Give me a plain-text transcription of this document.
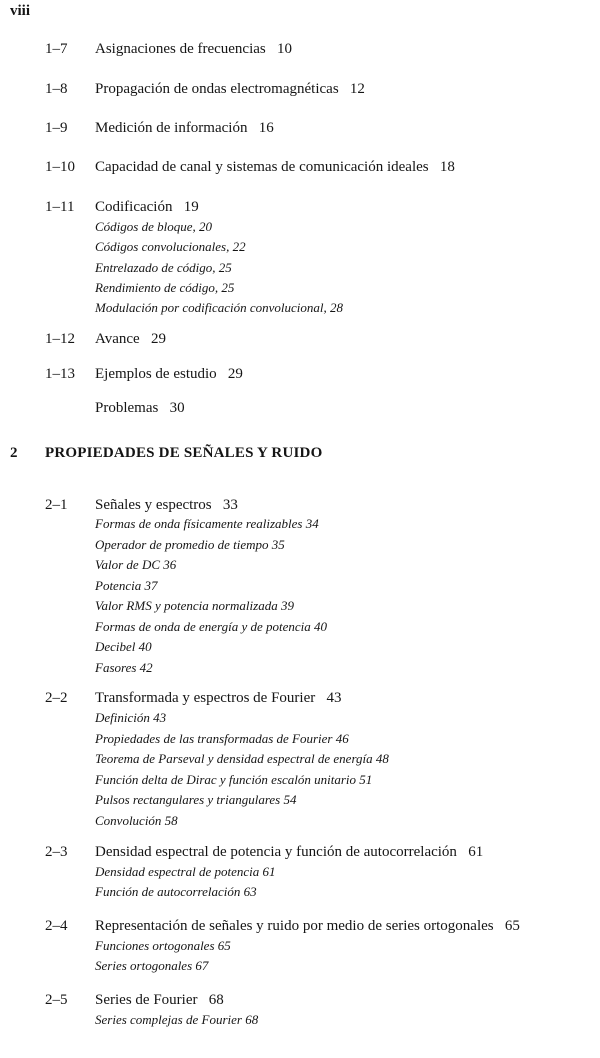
viii
1–7 Asignaciones de frecuencias 10
1–8 Propagación de ondas electromagnéticas 12
1–9 Medición de información 16
1–10 Capacidad de canal y sistemas de comunicación ideales 18
1–11 Codificación 19
Códigos de bloque, 20
Códigos convolucionales, 22
Entrelazado de código, 25
Rendimiento de código, 25
Modulación por codificación convolucional, 28
1–12 Avance 29
1–13 Ejemplos de estudio 29
Problemas 30
2 PROPIEDADES DE SEÑALES Y RUIDO
2–1 Señales y espectros 33
Formas de onda físicamente realizables 34
Operador de promedio de tiempo 35
Valor de DC 36
Potencia 37
Valor RMS y potencia normalizada 39
Formas de onda de energía y de potencia 40
Decibel 40
Fasores 42
2–2 Transformada y espectros de Fourier 43
Definición 43
Propiedades de las transformadas de Fourier 46
Teorema de Parseval y densidad espectral de energía 48
Función delta de Dirac y función escalón unitario 51
Pulsos rectangulares y triangulares 54
Convolución 58
2–3 Densidad espectral de potencia y función de autocorrelación 61
Densidad espectral de potencia 61
Función de autocorrelación 63
2–4 Representación de señales y ruido por medio de series ortogonales 65
Funciones ortogonales 65
Series ortogonales 67
2–5 Series de Fourier 68
Series complejas de Fourier 68
